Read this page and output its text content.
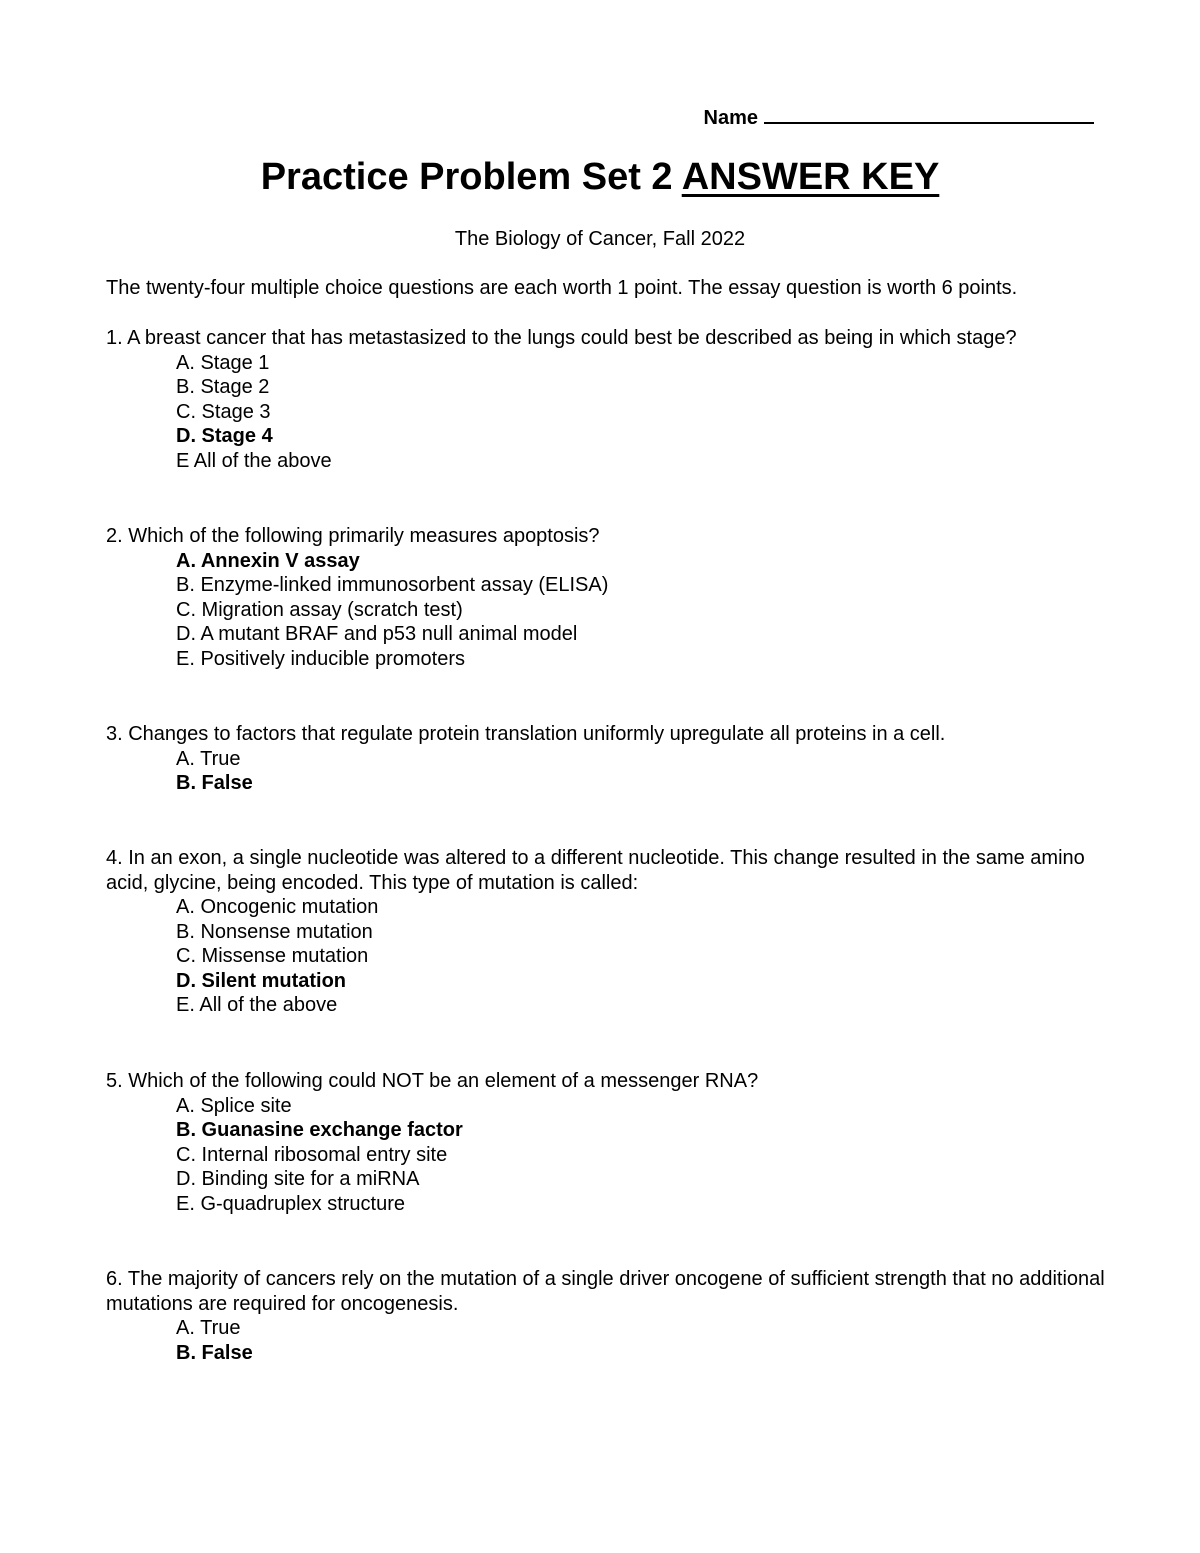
Name
Practice Problem Set 2 ANSWER KEY
The Biology of Cancer, Fall 2022
The twenty-four multiple choice questions are each worth 1 point. The essay question is worth 6 points.

1. A breast cancer that has metastasized to the lungs could best be described as being in which stage?

A. Stage 1
B. Stage 2
C. Stage 3
D. Stage 4
E All of the above

2. Which of the following primarily measures apoptosis?

A. Annexin V assay
B. Enzyme-linked immunosorbent assay (ELISA)
C. Migration assay (scratch test)
D. A mutant BRAF and p53 null animal model
E. Positively inducible promoters

3. Changes to factors that regulate protein translation uniformly upregulate all proteins in a cell.

A. True
B. False

4. In an exon, a single nucleotide was altered to a different nucleotide. This change resulted in the same amino acid, glycine, being encoded. This type of mutation is called:

A. Oncogenic mutation
B. Nonsense mutation
C. Missense mutation
D. Silent mutation
E. All of the above

5. Which of the following could NOT be an element of a messenger RNA?

A. Splice site
B. Guanasine exchange factor
C. Internal ribosomal entry site
D. Binding site for a miRNA
E. G-quadruplex structure

6. The majority of cancers rely on the mutation of a single driver oncogene of sufficient strength that no additional mutations are required for oncogenesis.

A. True
B. False
